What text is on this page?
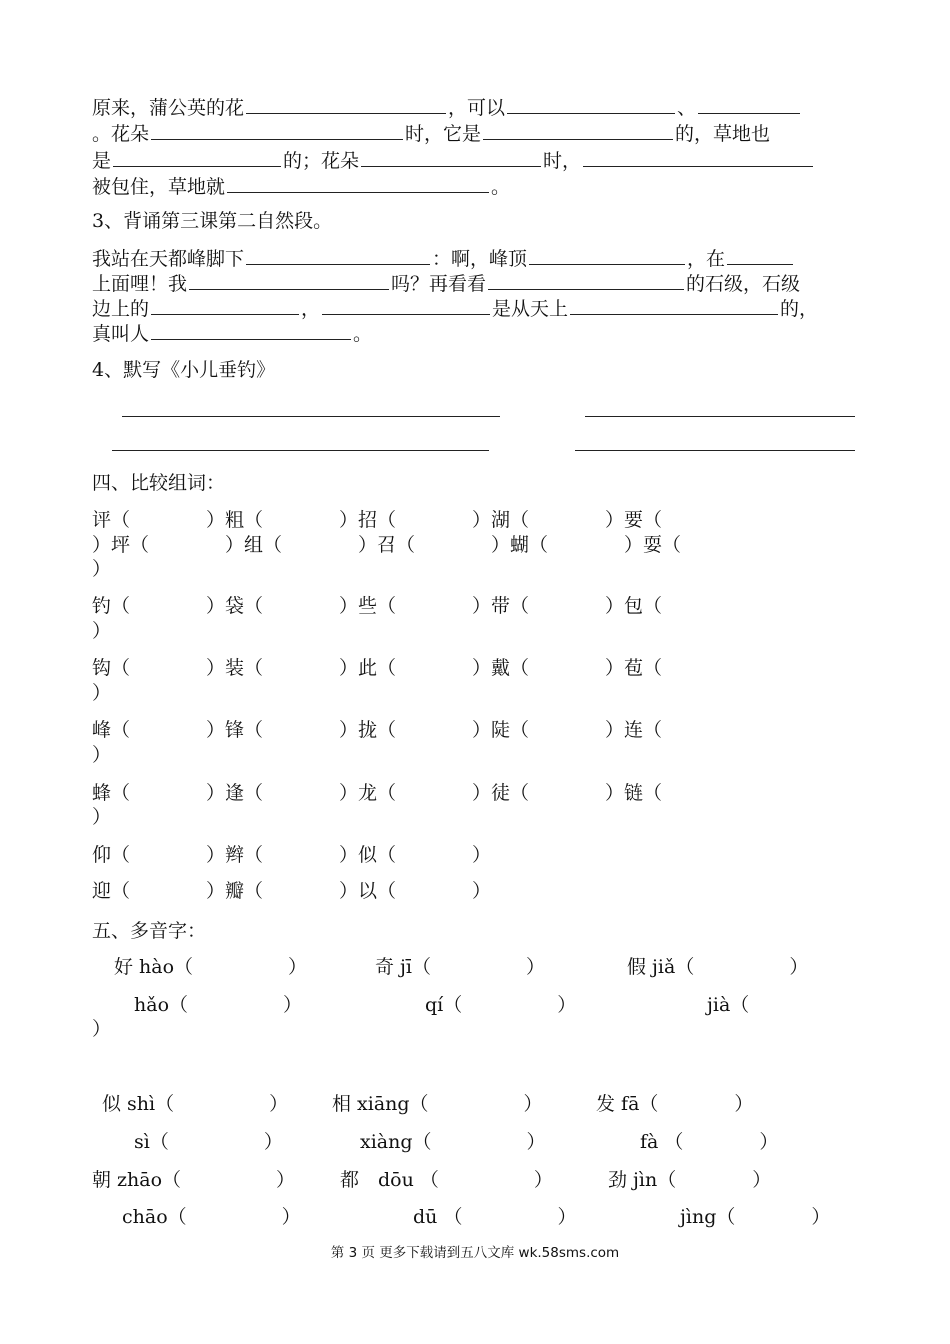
原来，蒲公英的花	，可以	、
。花朵	时，它是	的，草地也
是	的；花朵	时，
被包住，草地就	。
3、背诵第三课第二自然段。
我站在天都峰脚下	：啊，峰顶	，在
上面哩！我	吗？再看看	的石级，石级
边上的	，	是从天上	的，
真叫人	。
4、默写《小儿垂钓》
四、比较组词：
评（　　　　）粗（　　　　）招（　　　　）湖（　　　　）要（
）坪（　　　　）组（　　　　）召（　　　　）蝴（　　　　）耍（
）
钓（　　　　）袋（　　　　）些（　　　　）带（　　　　）包（
）
钩（　　　　）装（　　　　）此（　　　　）戴（　　　　）苞（
）
峰（　　　　）锋（　　　　）拢（　　　　）陡（　　　　）连（
）
蜂（　　　　）逢（　　　　）龙（　　　　）徒（　　　　）链（
）
仰（　　　　）辫（　　　　）似（　　　　）
迎（　　　　）瓣（　　　　）以（　　　　）
五、多音字：
好 hào（　　　　　）	奇 jī（　　　　　）	假 jiǎ（　　　　　）
hǎo（　　　　　）	qí（　　　　　）	jià（
）
似 shì（　　　　　） 相 xiāng（　　　　　）	发 fā（　　　　）
sì（　　　　　）	xiàng（　　　　　）	fà （　　　　）
朝 zhāo（　　　　　） 都　dōu （　　　　　）	劲 jìn（　　　　）
chāo（　　　　　）	dū （　　　　　）	jìng（　　　　）
第 3 页 更多下载请到五八文库 wk.58sms.com
